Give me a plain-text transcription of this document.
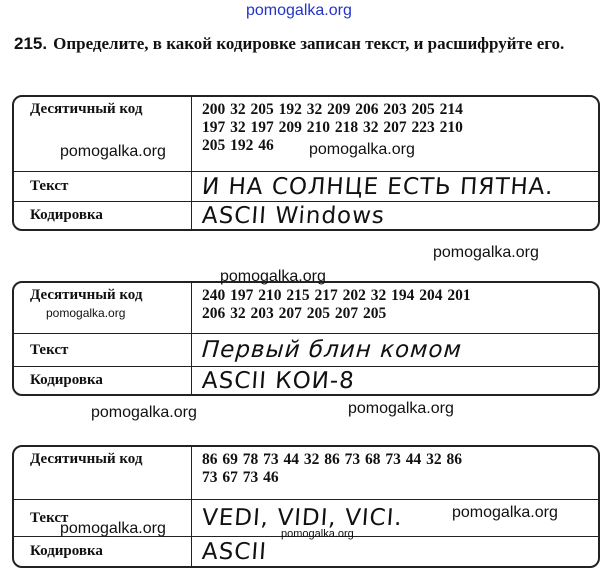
pomogalka.org
215. Определите, в какой кодировке записан текст, и расшифруйте его.
Десятичный код	200 32 205 192 32 209 206 203 205 214
197 32 197 209 210 218 32 207 223 210
205 192 46
Текст	И НА СОЛНЦЕ ЕСТЬ ПЯТНА.
Кодировка	ASCII Windows
Десятичный код	240 197 210 215 217 202 32 194 204 201
206 32 203 207 205 207 205
Текст	Первый блин комом
Кодировка	ASCII КОИ-8
Десятичный код	86 69 78 73 44 32 86 73 68 73 44 32 86
73 67 73 46
Текст	VEDI, VIDI, VICI.
Кодировка	ASCII
pomogalka.org	pomogalka.org
pomogalka.org
pomogalka.org
pomogalka.org
pomogalka.org	pomogalka.org
pomogalka.org
pomogalka.org	pomogalka.org
